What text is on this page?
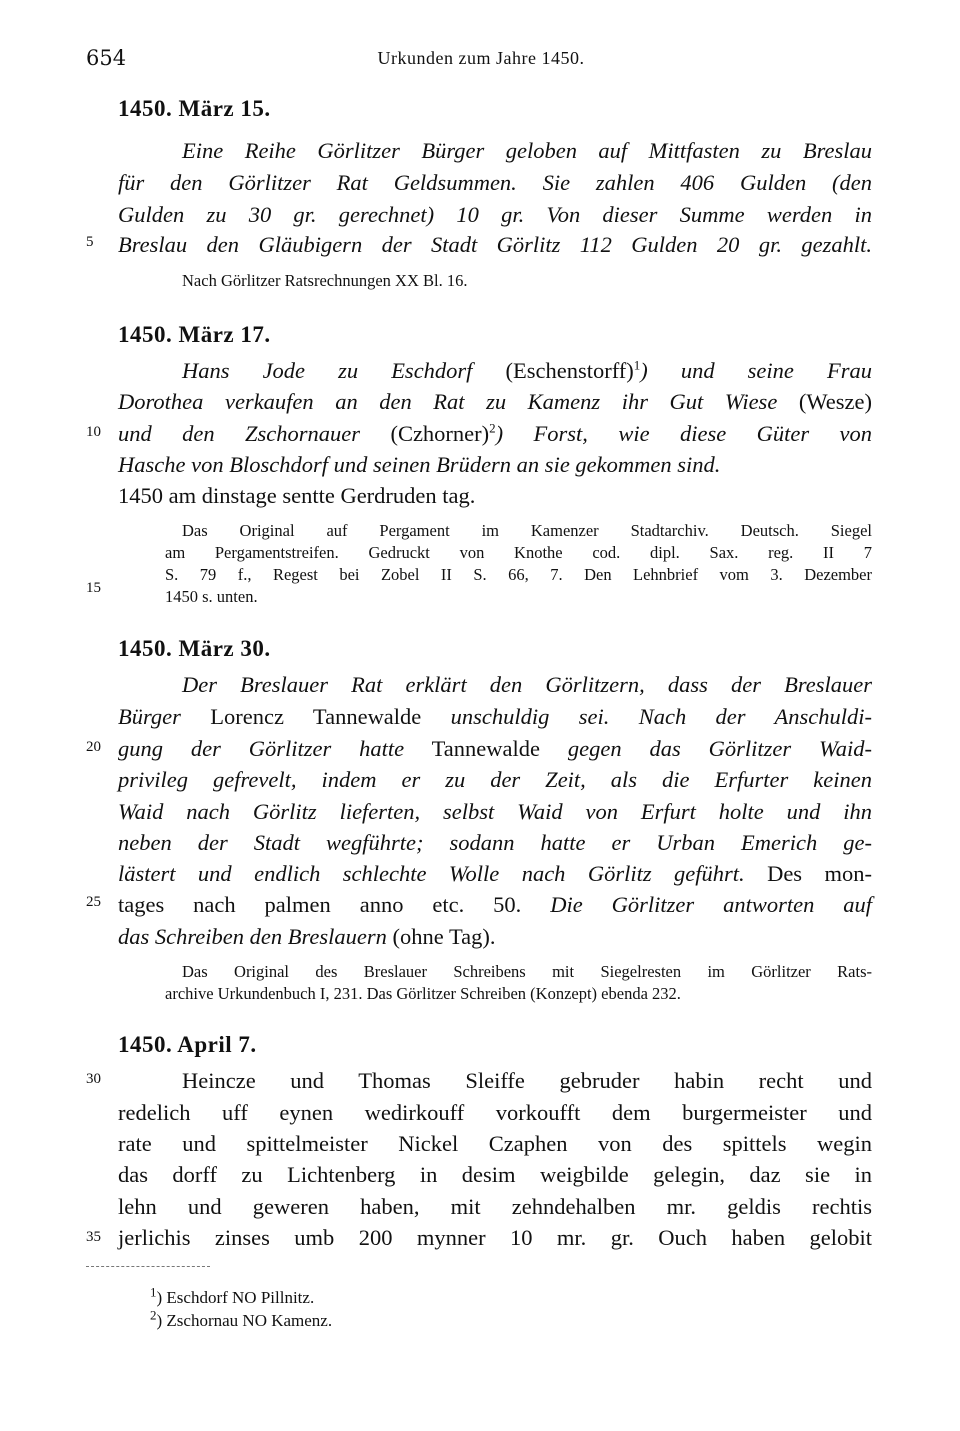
654	Urkunden zum Jahre 1450.
5
10
15
20
25
30
35
1450. März 15.
Eine Reihe Görlitzer Bürger geloben auf Mittfasten zu Breslau
für den Görlitzer Rat Geldsummen. Sie zahlen 406 Gulden (den
Gulden zu 30 gr. gerechnet) 10 gr. Von dieser Summe werden in
Breslau den Gläubigern der Stadt Görlitz 112 Gulden 20 gr. gezahlt.
Nach Görlitzer Ratsrechnungen XX Bl. 16.
1450. März 17.
Hans Jode zu Eschdorf (Eschenstorff)$^1$) und seine Frau
Dorothea verkaufen an den Rat zu Kamenz ihr Gut Wiese (Wesze)
und den Zschornauer (Czhorner)$^2$) Forst, wie diese Güter von
Hasche von Bloschdorf und seinen Brüdern an sie gekommen sind.
1450 am dinstage sentte Gerdruden tag.
Das Original auf Pergament im Kamenzer Stadtarchiv. Deutsch. Siegel
am Pergamentstreifen. Gedruckt von Knothe cod. dipl. Sax. reg. II 7
S. 79 f., Regest bei Zobel II S. 66, 7. Den Lehnbrief vom 3. Dezember
1450 s. unten.
1450. März 30.
Der Breslauer Rat erklärt den Görlitzern, dass der Breslauer
Bürger Lorencz Tannewalde unschuldig sei. Nach der Anschuldi-
gung der Görlitzer hatte Tannewalde gegen das Görlitzer Waid-
privileg gefrevelt, indem er zu der Zeit, als die Erfurter keinen
Waid nach Görlitz lieferten, selbst Waid von Erfurt holte und ihn
neben der Stadt wegführte; sodann hatte er Urban Emerich ge-
lästert und endlich schlechte Wolle nach Görlitz geführt. Des mon-
tages nach palmen anno etc. 50. Die Görlitzer antworten auf
das Schreiben den Breslauern (ohne Tag).
Das Original des Breslauer Schreibens mit Siegelresten im Görlitzer Rats-
archive Urkundenbuch I, 231. Das Görlitzer Schreiben (Konzept) ebenda 232.
1450. April 7.
Heincze und Thomas Sleiffe gebruder habin recht und
redelich uff eynen wedirkouff vorkoufft dem burgermeister und
rate und spittelmeister Nickel Czaphen von des spittels wegin
das dorff zu Lichtenberg in desim weigbilde gelegin, daz sie in
lehn und geweren haben, mit zehndehalben mr. geldis rechtis
jerlichis zinses umb 200 mynner 10 mr. gr. Ouch haben gelobit
$^1$) Eschdorf NO Pillnitz.
$^2$) Zschornau NO Kamenz.
